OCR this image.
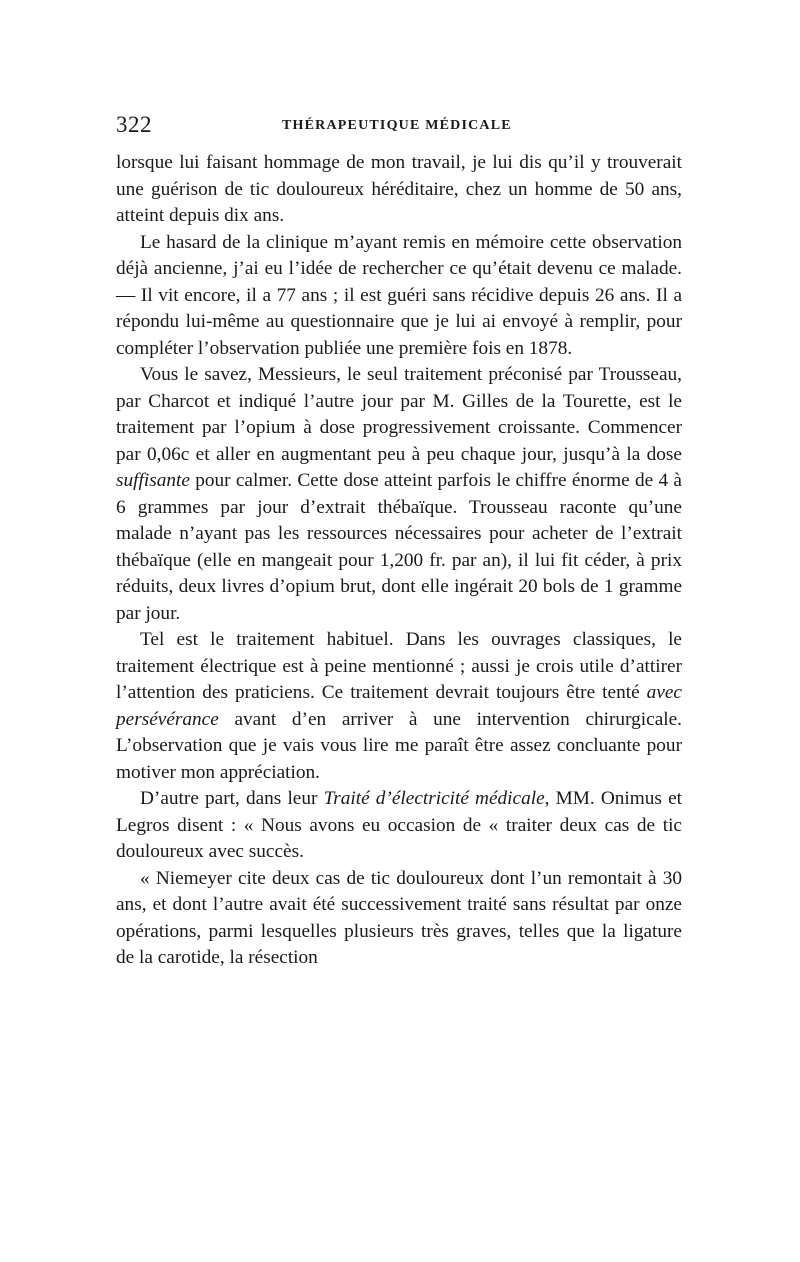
322	THÉRAPEUTIQUE MÉDICALE

lorsque lui faisant hommage de mon travail, je lui dis qu’il y trouverait une guérison de tic douloureux héréditaire, chez un homme de 50 ans, atteint depuis dix ans.

Le hasard de la clinique m’ayant remis en mémoire cette observation déjà ancienne, j’ai eu l’idée de rechercher ce qu’était devenu ce malade. — Il vit encore, il a 77 ans ; il est guéri sans récidive depuis 26 ans. Il a répondu lui-même au questionnaire que je lui ai envoyé à remplir, pour compléter l’observation publiée une première fois en 1878.

Vous le savez, Messieurs, le seul traitement préconisé par Trousseau, par Charcot et indiqué l’autre jour par M. Gilles de la Tourette, est le traitement par l’opium à dose progressivement croissante. Commencer par 0,06c et aller en augmentant peu à peu chaque jour, jusqu’à la dose suffisante pour calmer. Cette dose atteint parfois le chiffre énorme de 4 à 6 grammes par jour d’extrait thébaïque. Trousseau raconte qu’une malade n’ayant pas les ressources nécessaires pour acheter de l’extrait thébaïque (elle en mangeait pour 1,200 fr. par an), il lui fit céder, à prix réduits, deux livres d’opium brut, dont elle ingérait 20 bols de 1 gramme par jour.

Tel est le traitement habituel. Dans les ouvrages classiques, le traitement électrique est à peine mentionné ; aussi je crois utile d’attirer l’attention des praticiens. Ce traitement devrait toujours être tenté avec persévérance avant d’en arriver à une intervention chirurgicale. L’observation que je vais vous lire me paraît être assez concluante pour motiver mon appréciation.

D’autre part, dans leur Traité d’électricité médicale, MM. Onimus et Legros disent : « Nous avons eu occasion de « traiter deux cas de tic douloureux avec succès.

« Niemeyer cite deux cas de tic douloureux dont l’un remontait à 30 ans, et dont l’autre avait été successivement traité sans résultat par onze opérations, parmi lesquelles plusieurs très graves, telles que la ligature de la carotide, la résection
